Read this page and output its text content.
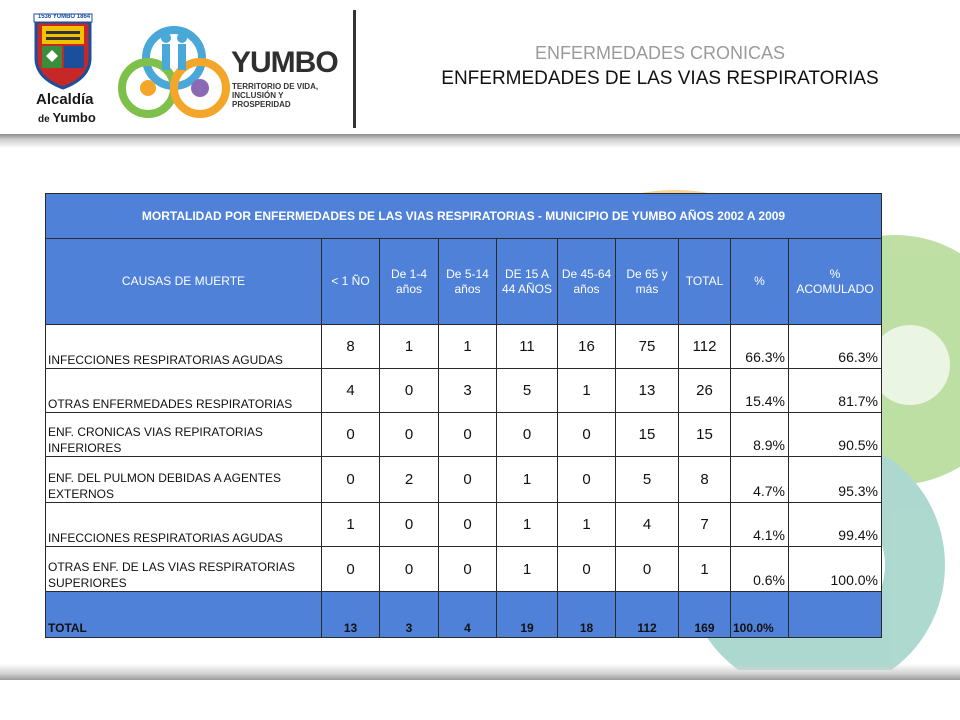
1536 YUMBO 1864
Alcaldía
de Yumbo
YUMBO
TERRITORIO DE VIDA, INCLUSIÓN Y PROSPERIDAD
ENFERMEDADES CRONICAS
ENFERMEDADES DE LAS VIAS RESPIRATORIAS
MORTALIDAD POR ENFERMEDADES DE LAS VIAS RESPIRATORIAS - MUNICIPIO DE YUMBO AÑOS 2002 A 2009									
CAUSAS DE MUERTE	< 1 ÑO	De 1-4 años	De 5-14 años	DE 15 A 44 AÑOS	De 45-64 años	De 65 y más	TOTAL	%	% ACOMULADO
INFECCIONES RESPIRATORIAS AGUDAS	8	1	1	11	16	75	112	66.3%	66.3%
OTRAS ENFERMEDADES RESPIRATORIAS	4	0	3	5	1	13	26	15.4%	81.7%
ENF. CRONICAS VIAS REPIRATORIAS INFERIORES	0	0	0	0	0	15	15	8.9%	90.5%
ENF. DEL PULMON DEBIDAS A AGENTES EXTERNOS	0	2	0	1	0	5	8	4.7%	95.3%
INFECCIONES RESPIRATORIAS AGUDAS	1	0	0	1	1	4	7	4.1%	99.4%
OTRAS ENF. DE LAS VIAS RESPIRATORIAS SUPERIORES	0	0	0	1	0	0	1	0.6%	100.0%
TOTAL	13	3	4	19	18	112	169	100.0%	
